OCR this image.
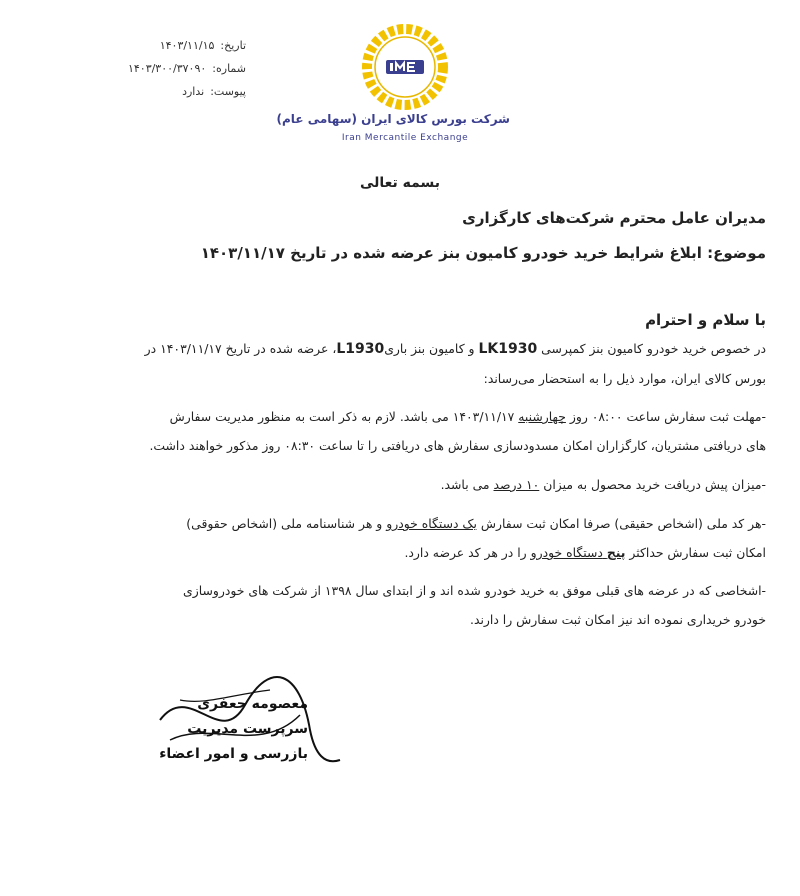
تاریخ:
۱۴۰۳/۱۱/۱۵
شماره:
۱۴۰۳/۳۰۰/۳۷۰۹۰
پیوست:
ندارد
شرکت بورس کالای ایران (سهامی عام)
Iran Mercantile Exchange
بسمه تعالی
مدیران عامل محترم شرکت‌های کارگزاری
موضوع: ابلاغ شرایط خرید خودرو کامیون بنز عرضه شده در تاریخ ۱۴۰۳/۱۱/۱۷
با سلام و احترام
در خصوص خرید خودرو کامیون بنز کمپرسی LK1930 و کامیون بنز باریL1930، عرضه شده در تاریخ ۱۴۰۳/۱۱/۱۷ در
بورس کالای ایران، موارد ذیل را به استحضار می‌رساند:
-مهلت ثبت سفارش ساعت ۰۸:۰۰ روز چهارشنبه ۱۴۰۳/۱۱/۱۷ می باشد. لازم به ذکر است به منظور مدیریت سفارش
های دریافتی مشتریان، کارگزاران امکان مسدودسازی سفارش های دریافتی را تا ساعت ۰۸:۳۰ روز مذکور خواهند داشت.
-میزان پیش دریافت خرید محصول به میزان ۱۰ درصد می باشد.
-هر کد ملی (اشخاص حقیقی) صرفا امکان ثبت سفارش یک دستگاه خودرو و هر شناسنامه ملی (اشخاص حقوقی)
امکان ثبت سفارش حداکثر پنج دستگاه خودرو را در هر کد عرضه دارد.
-اشخاصی که در عرضه های قبلی موفق به خرید خودرو شده اند و از ابتدای سال ۱۳۹۸ از شرکت های خودروسازی
خودرو خریداری نموده اند نیز امکان ثبت سفارش را دارند.
معصومه جعفری
سرپرست مدیریت
بازرسی و امور اعضاء
